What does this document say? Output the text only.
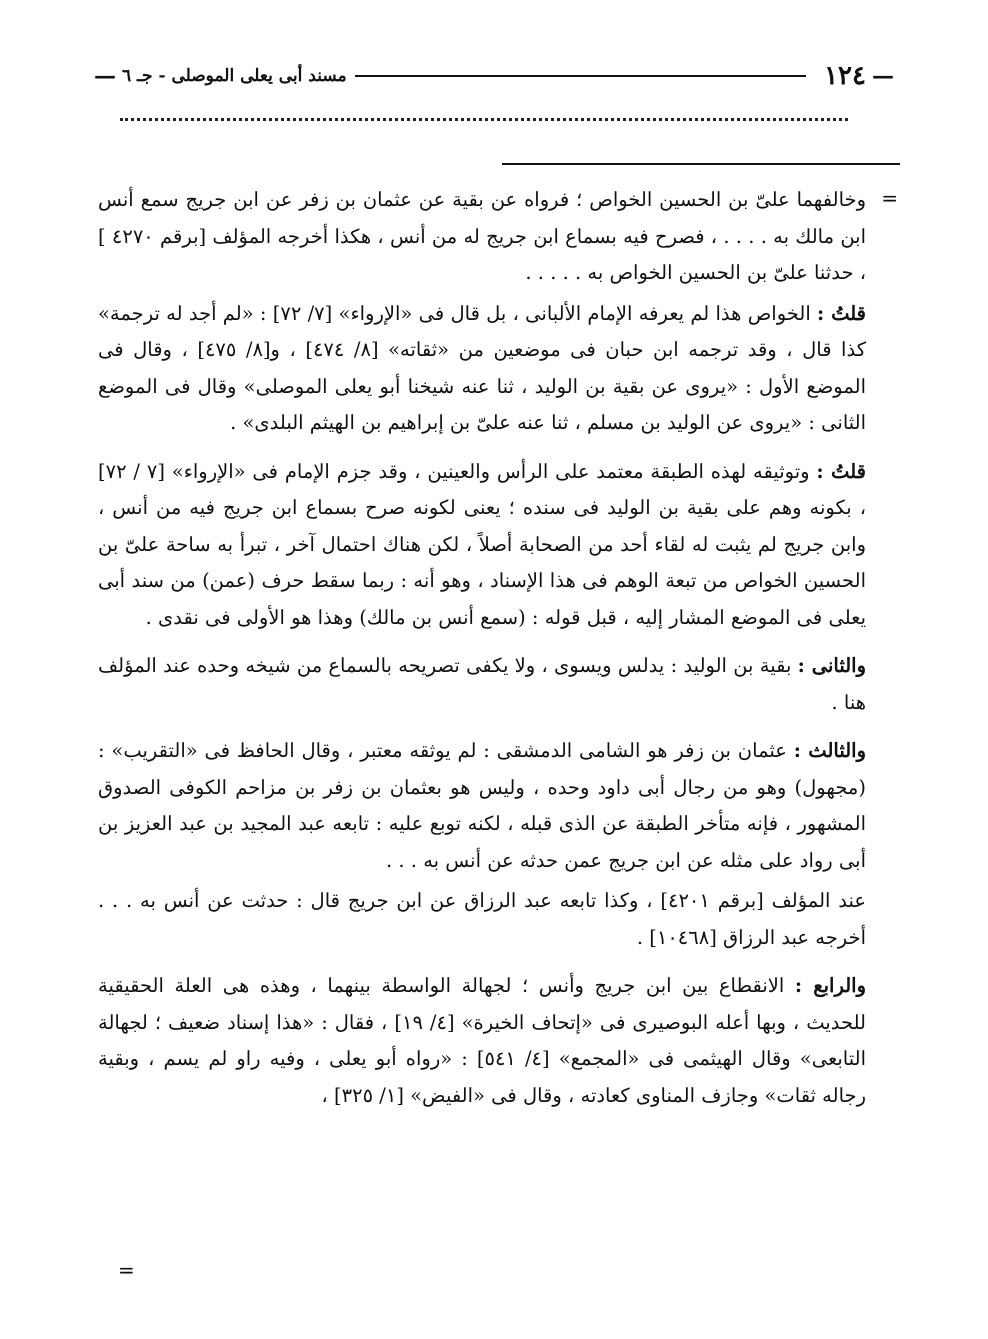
—
١٢٤
مسند أبى يعلى الموصلى - جـ ٦
—
=

وخالفهما علىّ بن الحسين الخواص ؛ فرواه عن بقية عن عثمان بن زفر عن ابن جريج سمع أنس ابن مالك به . . . . ، فصرح فيه بسماع ابن جريج له من أنس ، هكذا أخرجه المؤلف [برقم ٤٢٧٠ ] ، حدثنا علىّ بن الحسين الخواص به . . . . .

قلتُ : الخواص هذا لم يعرفه الإمام الألبانى ، بل قال فى «الإرواء» [٧/ ٧٢] : «لم أجد له ترجمة» كذا قال ، وقد ترجمه ابن حبان فى موضعين من «ثقاته» [٨/ ٤٧٤] ، و[٨/ ٤٧٥] ، وقال فى الموضع الأول : «يروى عن بقية بن الوليد ، ثنا عنه شيخنا أبو يعلى الموصلى» وقال فى الموضع الثانى : «يروى عن الوليد بن مسلم ، ثنا عنه علىّ بن إبراهيم بن الهيثم البلدى» .

قلتُ : وتوثيقه لهذه الطبقة معتمد على الرأس والعينين ، وقد جزم الإمام فى «الإرواء» [٧ / ٧٢] ، بكونه وهم على بقية بن الوليد فى سنده ؛ يعنى لكونه صرح بسماع ابن جريج فيه من أنس ، وابن جريج لم يثبت له لقاء أحد من الصحابة أصلاً ، لكن هناك احتمال آخر ، تبرأ به ساحة علىّ بن الحسين الخواص من تبعة الوهم فى هذا الإسناد ، وهو أنه : ربما سقط حرف (عمن) من سند أبى يعلى فى الموضع المشار إليه ، قبل قوله : (سمع أنس بن مالك) وهذا هو الأولى فى نقدى .

والثانى : بقية بن الوليد : يدلس ويسوى ، ولا يكفى تصريحه بالسماع من شيخه وحده عند المؤلف هنا .

والثالث : عثمان بن زفر هو الشامى الدمشقى : لم يوثقه معتبر ، وقال الحافظ فى «التقريب» : (مجهول) وهو من رجال أبى داود وحده ، وليس هو بعثمان بن زفر بن مزاحم الكوفى الصدوق المشهور ، فإنه متأخر الطبقة عن الذى قبله ، لكنه توبع عليه : تابعه عبد المجيد بن عبد العزيز بن أبى رواد على مثله عن ابن جريج عمن حدثه عن أنس به . . .

عند المؤلف [برقم ٤٢٠١] ، وكذا تابعه عبد الرزاق عن ابن جريج قال : حدثت عن أنس به . . . أخرجه عبد الرزاق [١٠٤٦٨] .

والرابع : الانقطاع بين ابن جريج وأنس ؛ لجهالة الواسطة بينهما ، وهذه هى العلة الحقيقية للحديث ، وبها أعله البوصيرى فى «إتحاف الخيرة» [٤/ ١٩] ، فقال : «هذا إسناد ضعيف ؛ لجهالة التابعى» وقال الهيثمى فى «المجمع» [٤/ ٥٤١] : «رواه أبو يعلى ، وفيه راو لم يسم ، وبقية رجاله ثقات» وجازف المناوى كعادته ، وقال فى «الفيض» [١/ ٣٢٥] ،

=
